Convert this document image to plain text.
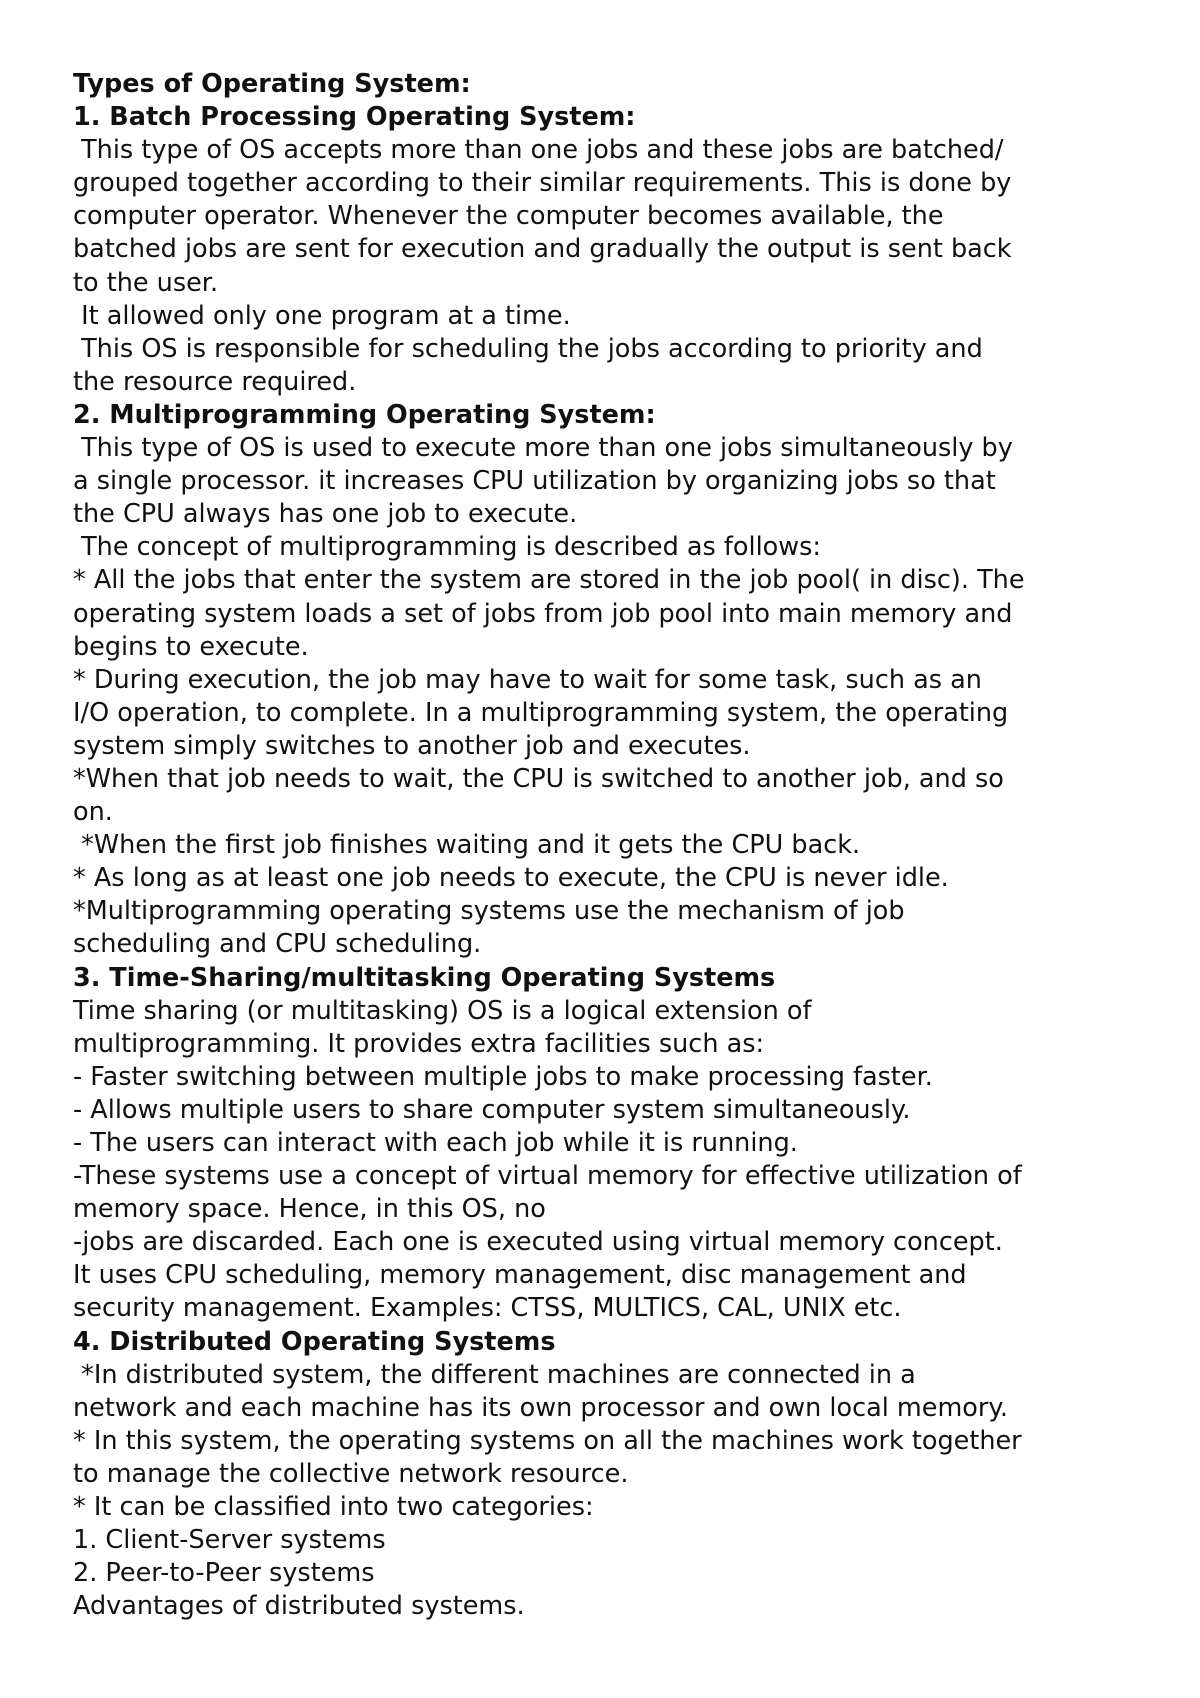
Types of Operating System:
1. Batch Processing Operating System:
This type of OS accepts more than one jobs and these jobs are batched/
grouped together according to their similar requirements. This is done by
computer operator. Whenever the computer becomes available, the
batched jobs are sent for execution and gradually the output is sent back
to the user.
It allowed only one program at a time.
This OS is responsible for scheduling the jobs according to priority and
the resource required.
2. Multiprogramming Operating System:
This type of OS is used to execute more than one jobs simultaneously by
a single processor. it increases CPU utilization by organizing jobs so that
the CPU always has one job to execute.
The concept of multiprogramming is described as follows:
* All the jobs that enter the system are stored in the job pool( in disc). The
operating system loads a set of jobs from job pool into main memory and
begins to execute.
* During execution, the job may have to wait for some task, such as an
I/O operation, to complete. In a multiprogramming system, the operating
system simply switches to another job and executes.
*When that job needs to wait, the CPU is switched to another job, and so
on.
*When the first job finishes waiting and it gets the CPU back.
* As long as at least one job needs to execute, the CPU is never idle.
*Multiprogramming operating systems use the mechanism of job
scheduling and CPU scheduling.
3. Time-Sharing/multitasking Operating Systems
Time sharing (or multitasking) OS is a logical extension of
multiprogramming. It provides extra facilities such as:
- Faster switching between multiple jobs to make processing faster.
- Allows multiple users to share computer system simultaneously.
- The users can interact with each job while it is running.
-These systems use a concept of virtual memory for effective utilization of
memory space. Hence, in this OS, no
-jobs are discarded. Each one is executed using virtual memory concept.
It uses CPU scheduling, memory management, disc management and
security management. Examples: CTSS, MULTICS, CAL, UNIX etc.
4. Distributed Operating Systems
*In distributed system, the different machines are connected in a
network and each machine has its own processor and own local memory.
* In this system, the operating systems on all the machines work together
to manage the collective network resource.
* It can be classified into two categories:
1. Client-Server systems
2. Peer-to-Peer systems
Advantages of distributed systems.
